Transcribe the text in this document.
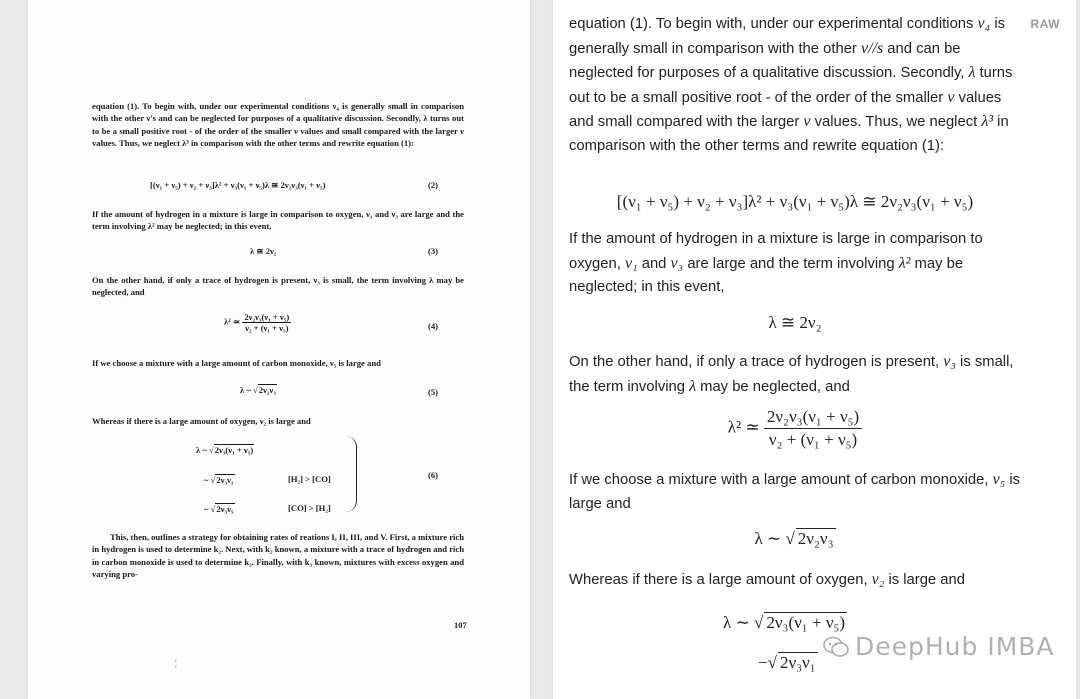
equation (1). To begin with, under our experimental conditions ν₄ is generally small in comparison with the other ν's and can be neglected for purposes of a qualitative discussion. Secondly, λ turns out to be a small positive root - of the order of the smaller ν values and small compared with the larger ν values. Thus, we neglect λ³ in comparison with the other terms and rewrite equation (1):
[(ν₁ + ν₅) + ν₂ + ν₃]λ² + ν₃(ν₁ + ν₅)λ ≅ 2ν₂ν₃(ν₁ + ν₅)	(2)
If the amount of hydrogen in a mixture is large in comparison to oxygen, ν₁ and ν₃ are large and the term involving λ² may be neglected; in this event,
λ ≅ 2ν₂	(3)
On the other hand, if only a trace of hydrogen is present, ν₃ is small, the term involving λ may be neglected, and
λ² ≃ $\frac{\text{2ν₂ν₃(ν₁ + ν₅)}}{\text{ν₂ + (ν₁ + ν₅)}}$	(4)
If we choose a mixture with a large amount of carbon monoxide, ν₅ is large and
λ ~ √2ν₂ν₃	(5)
Whereas if there is a large amount of oxygen, ν₂ is large and
λ ~ √2ν₃(ν₁ + ν₅)
~ √2ν₃ν₁	[H₂] > [CO]
~ √2ν₃ν₅	[CO] > [H₂]
(6)
This, then, outlines a strategy for obtaining rates of reations I, II, III, and V. First, a mixture rich in hydrogen is used to determine k₂. Next, with k₂ known, a mixture with a trace of hydrogen and rich in carbon monoxide is used to determine k₃. Finally, with k₃ known, mixtures with excess oxygen and varying pro-
107
¦
RAW
equation (1). To begin with, under our experimental conditions ν₄ is generally small in comparison with the other ν//s and can be neglected for purposes of a qualitative discussion. Secondly, λ turns out to be a small positive root - of the order of the smaller ν values and small compared with the larger ν values. Thus, we neglect λ³ in comparison with the other terms and rewrite equation (1):
[(ν₁ + ν₅) + ν₂ + ν₃]λ² + ν₃(ν₁ + ν₅)λ ≅ 2ν₂ν₃(ν₁ + ν₅)
If the amount of hydrogen in a mixture is large in comparison to oxygen, ν₁ and ν₃ are large and the term involving λ² may be neglected; in this event,
λ ≅ 2ν₂
On the other hand, if only a trace of hydrogen is present, ν₃ is small, the term involving λ may be neglected, and
λ² ≃ $\frac{\text{2ν₂ν₃(ν₁ + ν₅)}}{\text{ν₂ + (ν₁ + ν₅)}}$
If we choose a mixture with a large amount of carbon monoxide, ν₅ is large and
λ ∼ √ 2ν₂ν₃
Whereas if there is a large amount of oxygen, ν₂ is large and
λ ∼ √ 2ν₃(ν₁ + ν₅)
−√ 2ν₃ν₁
DeepHub IMBA
